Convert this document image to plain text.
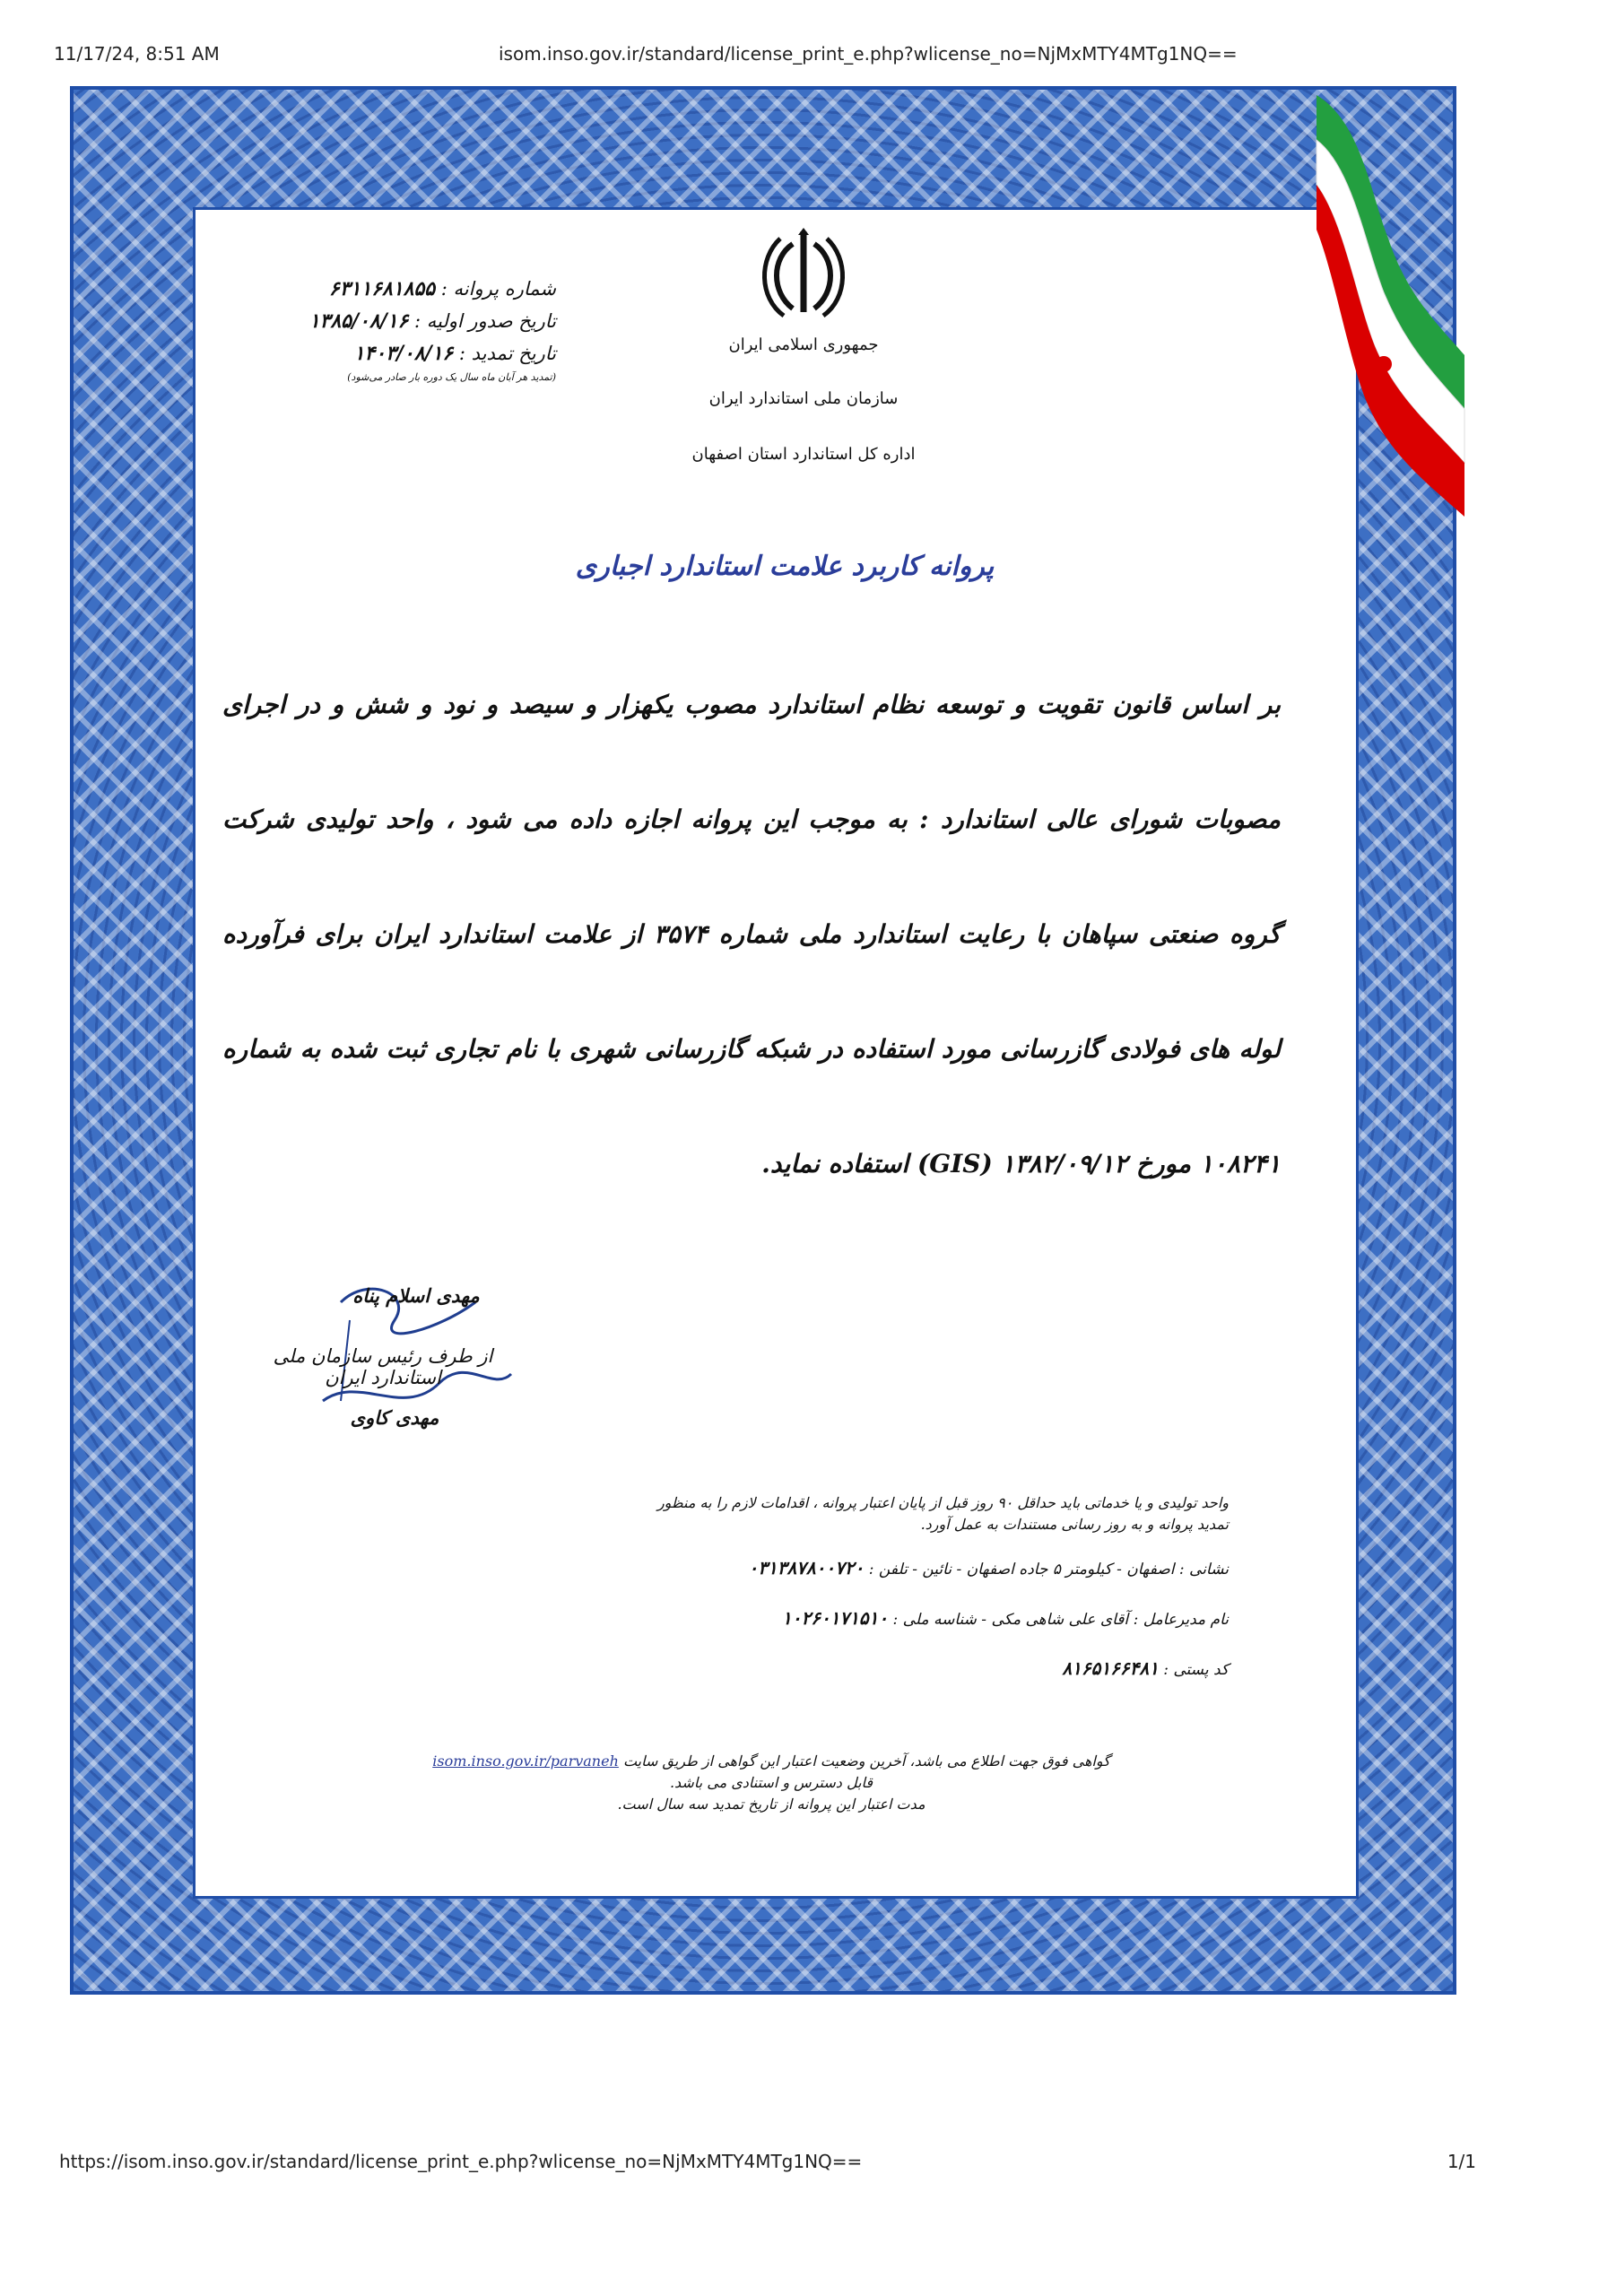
11/17/24, 8:51 AM	isom.inso.gov.ir/standard/license_print_e.php?wlicense_no=NjMxMTY4MTg1NQ==
جمهوری اسلامی ایران
سازمان ملی استاندارد ایران
اداره کل استاندارد استان اصفهان
شماره پروانه : ۶۳۱۱۶۸۱۸۵۵
تاریخ صدور اولیه : ۱۳۸۵/۰۸/۱۶
تاریخ تمدید : ۱۴۰۳/۰۸/۱۶
(تمدید هر آبان ماه سال یک دوره بار صادر می‌شود)
پروانه کاربرد علامت استاندارد اجباری
بر اساس قانون تقویت و توسعه نظام استاندارد مصوب یکهزار و سیصد و نود و شش و در اجرای مصوبات شورای عالی استاندارد : به موجب این پروانه اجازه داده می شود ، واحد تولیدی شرکت گروه صنعتی سپاهان با رعایت استاندارد ملی شماره ۳۵۷۴ از علامت استاندارد ایران برای فرآورده لوله های فولادی گازرسانی مورد استفاده در شبکه گازرسانی شهری با نام تجاری ثبت شده به شماره ۱۰۸۲۴۱ مورخ ۱۳۸۲/۰۹/۱۲ (GIS) استفاده نماید.
مهدی اسلام پناه
از طرف رئیس سازمان ملی استاندارد ایران
مهدی کاوی
واحد تولیدی و یا خدماتی باید حداقل ۹۰ روز قبل از پایان اعتبار پروانه ، اقدامات لازم را به منظور تمدید پروانه و به روز رسانی مستندات به عمل آورد.
نشانی : اصفهان - کیلومتر ۵ جاده اصفهان - نائین - تلفن : ۰۳۱۳۸۷۸۰۰۷۲۰
نام مدیرعامل : آقای علی شاهی مکی - شناسه ملی : ۱۰۲۶۰۱۷۱۵۱۰
کد پستی : ۸۱۶۵۱۶۶۴۸۱
گواهی فوق جهت اطلاع می باشد، آخرین وضعیت اعتبار این گواهی از طریق سایت isom.inso.gov.ir/parvaneh قابل دسترس و استنادی می باشد.
مدت اعتبار این پروانه از تاریخ تمدید سه سال است.
https://isom.inso.gov.ir/standard/license_print_e.php?wlicense_no=NjMxMTY4MTg1NQ==	1/1
